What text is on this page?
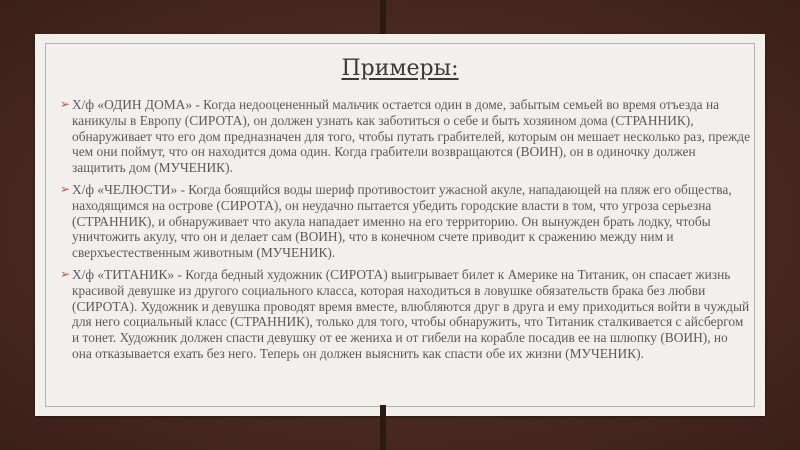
Примеры:

➢ Х/ф «ОДИН ДОМА» - Когда недооцененный мальчик остается один в доме, забытым семьей во время отъезда на каникулы в Европу (СИРОТА), он должен узнать как заботиться о себе и быть хозяином дома (СТРАННИК), обнаруживает что его дом предназначен для того, чтобы путать грабителей, которым он мешает несколько раз, прежде чем они поймут, что он находится дома один. Когда грабители возвращаются (ВОИН), он в одиночку должен защитить дом (МУЧЕНИК).

➢ Х/ф «ЧЕЛЮСТИ» - Когда боящийся воды шериф противостоит ужасной акуле, нападающей на пляж его общества, находящимся на острове (СИРОТА), он неудачно пытается убедить городские власти в том, что угроза серьезна (СТРАННИК), и обнаруживает что акула нападает именно на его территорию. Он вынужден брать лодку, чтобы уничтожить акулу, что он и делает сам (ВОИН), что в конечном счете приводит к сражению между ним и сверхъестественным животным (МУЧЕНИК).

➢ Х/ф «ТИТАНИК» - Когда бедный художник (СИРОТА) выигрывает билет к Америке на Титаник, он спасает жизнь красивой девушке из другого социального класса, которая находиться в ловушке обязательств брака без любви (СИРОТА). Художник и девушка проводят время вместе, влюбляются друг в друга и ему приходиться войти в чуждый для него социальный класс (СТРАННИК), только для того, чтобы обнаружить, что Титаник сталкивается с айсбергом и тонет. Художник должен спасти девушку от ее жениха и от гибели на корабле посадив ее на шлюпку (ВОИН), но она отказывается ехать без него. Теперь он должен выяснить как спасти обе их жизни (МУЧЕНИК).
